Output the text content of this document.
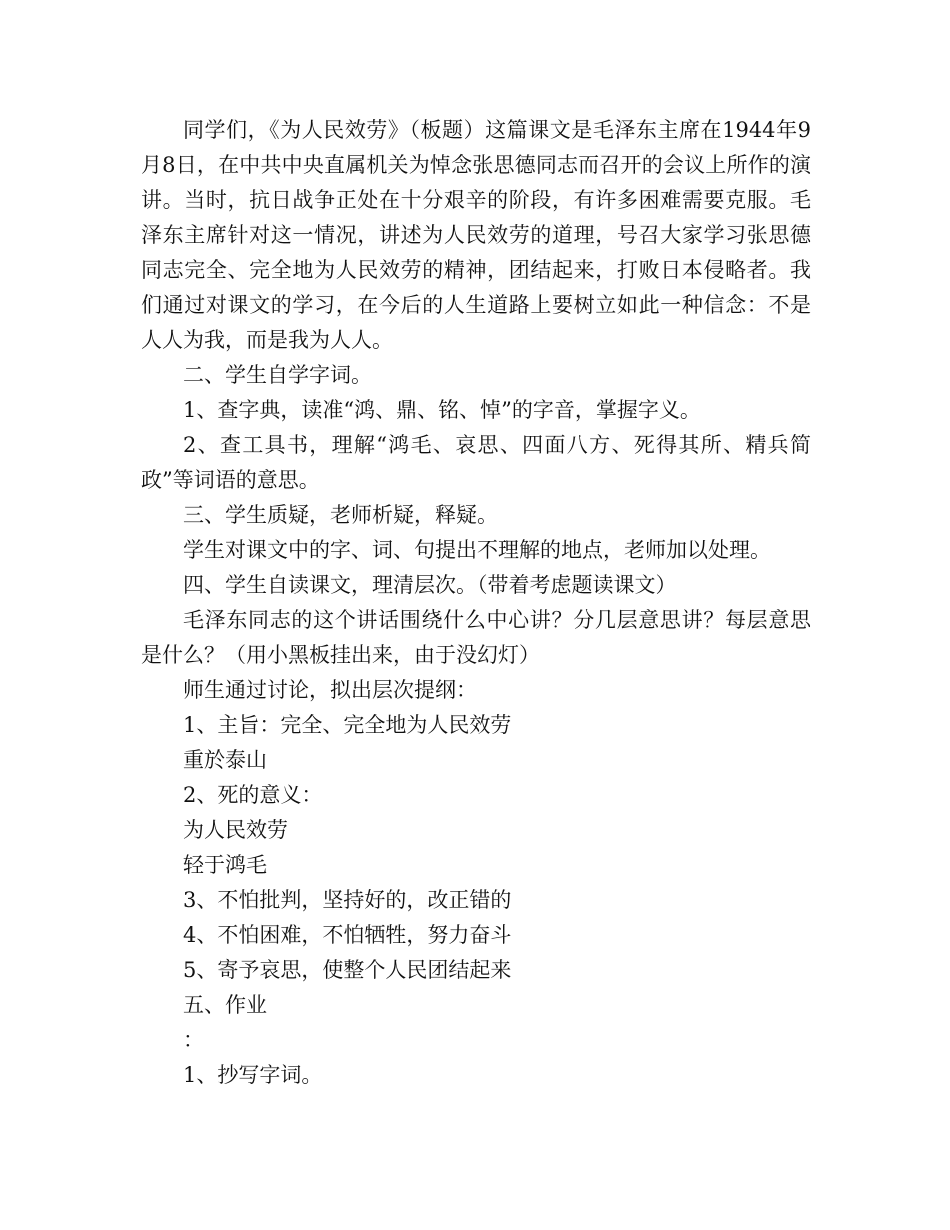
同学们，《为人民效劳》（板题）这篇课文是毛泽东主席在1944年9月8日，在中共中央直属机关为悼念张思德同志而召开的会议上所作的演讲。当时，抗日战争正处在十分艰辛的阶段，有许多困难需要克服。毛泽东主席针对这一情况，讲述为人民效劳的道理，号召大家学习张思德同志完全、完全地为人民效劳的精神，团结起来，打败日本侵略者。我们通过对课文的学习，在今后的人生道路上要树立如此一种信念：不是人人为我，而是我为人人。

二、学生自学字词。

1、查字典，读准“鸿、鼎、铭、悼”的字音，掌握字义。

2、查工具书，理解“鸿毛、哀思、四面八方、死得其所、精兵简政”等词语的意思。

三、学生质疑，老师析疑，释疑。

学生对课文中的字、词、句提出不理解的地点，老师加以处理。

四、学生自读课文，理清层次。（带着考虑题读课文）

毛泽东同志的这个讲话围绕什么中心讲？分几层意思讲？每层意思是什么？（用小黑板挂出来，由于没幻灯）

师生通过讨论，拟出层次提纲：

1、主旨：完全、完全地为人民效劳

重於泰山

2、死的意义：

为人民效劳

轻于鸿毛

3、不怕批判，坚持好的，改正错的

4、不怕困难，不怕牺牲，努力奋斗

5、寄予哀思，使整个人民团结起来

五、作业

：

1、抄写字词。
